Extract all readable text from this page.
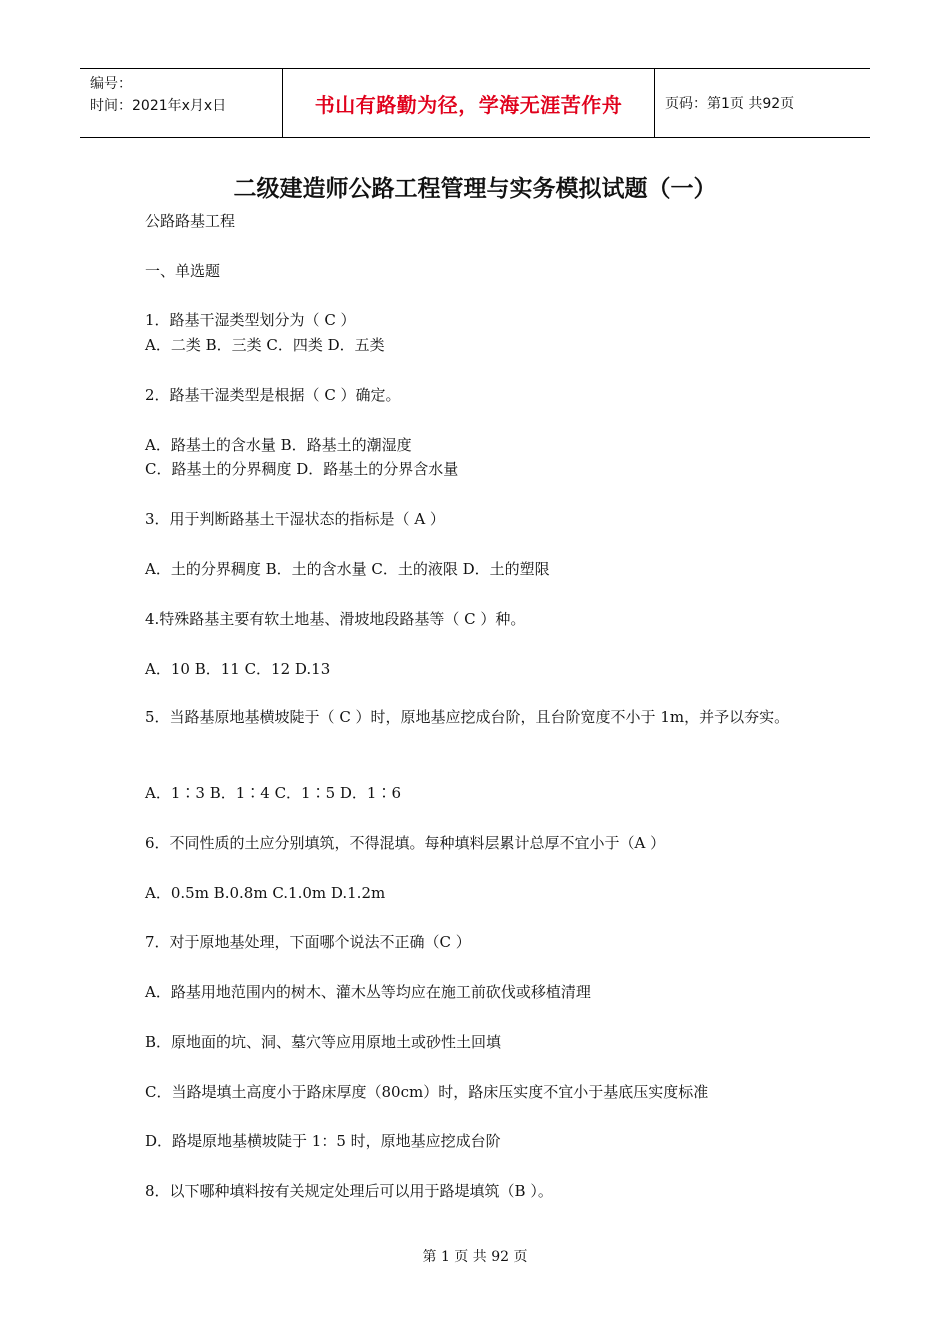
编号：
时间：2021年x月x日	书山有路勤为径，学海无涯苦作舟	页码：第1页 共92页
二级建造师公路工程管理与实务模拟试题（一）
公路路基工程
一、单选题
1．路基干湿类型划分为（ C ）
A．二类 B．三类 C．四类 D．五类
2．路基干湿类型是根据（ C ）确定。
A．路基土的含水量 B．路基土的潮湿度
C．路基土的分界稠度 D．路基土的分界含水量
3．用于判断路基土干湿状态的指标是（ A ）
A．土的分界稠度 B．土的含水量 C．土的液限 D．土的塑限
4.特殊路基主要有软土地基、滑坡地段路基等（ C ）种。
A．10 B．11 C．12 D.13
5．当路基原地基横坡陡于（ C ）时，原地基应挖成台阶，且台阶宽度不小于 1m，并予以夯实。
A．1∶3 B．1∶4 C．1∶5 D．1∶6
6．不同性质的土应分别填筑，不得混填。每种填料层累计总厚不宜小于（A ）
A．0.5m B.0.8m C.1.0m D.1.2m
7．对于原地基处理，下面哪个说法不正确（C ）
A．路基用地范围内的树木、灌木丛等均应在施工前砍伐或移植清理
B．原地面的坑、洞、墓穴等应用原地土或砂性土回填
C．当路堤填土高度小于路床厚度（80cm）时，路床压实度不宜小于基底压实度标准
D．路堤原地基横坡陡于 1：5 时，原地基应挖成台阶
8．以下哪种填料按有关规定处理后可以用于路堤填筑（B ）。
第 1 页 共 92 页
